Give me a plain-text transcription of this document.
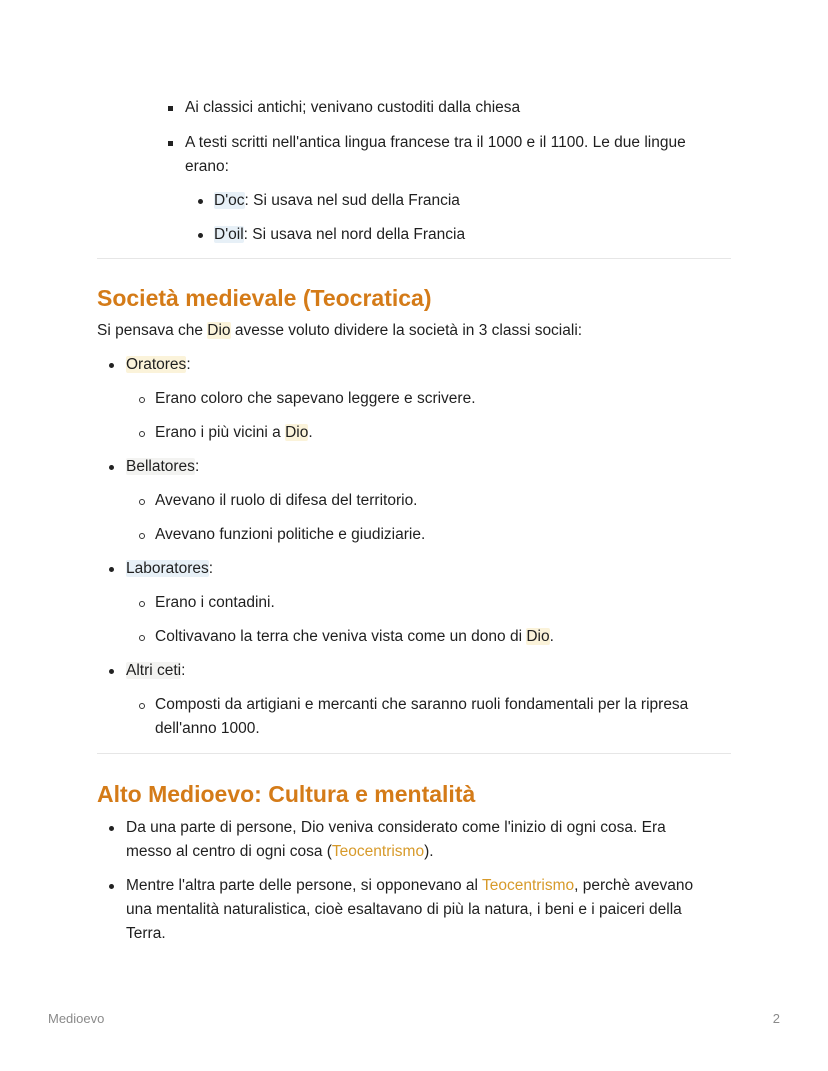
Ai classici antichi; venivano custoditi dalla chiesa
A testi scritti nell'antica lingua francese tra il 1000 e il 1100. Le due lingue
erano:
D'oc: Si usava nel sud della Francia
D'oil: Si usava nel nord della Francia
Società medievale (Teocratica)
Si pensava che Dio avesse voluto dividere la società in 3 classi sociali:
Oratores:
Erano coloro che sapevano leggere e scrivere.
Erano i più vicini a Dio.
Bellatores:
Avevano il ruolo di difesa del territorio.
Avevano funzioni politiche e giudiziarie.
Laboratores:
Erano i contadini.
Coltivavano la terra che veniva vista come un dono di Dio.
Altri ceti:
Composti da artigiani e mercanti che saranno ruoli fondamentali per la ripresa
dell'anno 1000.
Alto Medioevo: Cultura e mentalità
Da una parte di persone, Dio veniva considerato come l'inizio di ogni cosa. Era
messo al centro di ogni cosa (Teocentrismo).
Mentre l'altra parte delle persone, si opponevano al Teocentrismo, perchè avevano
una mentalità naturalistica, cioè esaltavano di più la natura, i beni e i paiceri della
Terra.
Medioevo	2
